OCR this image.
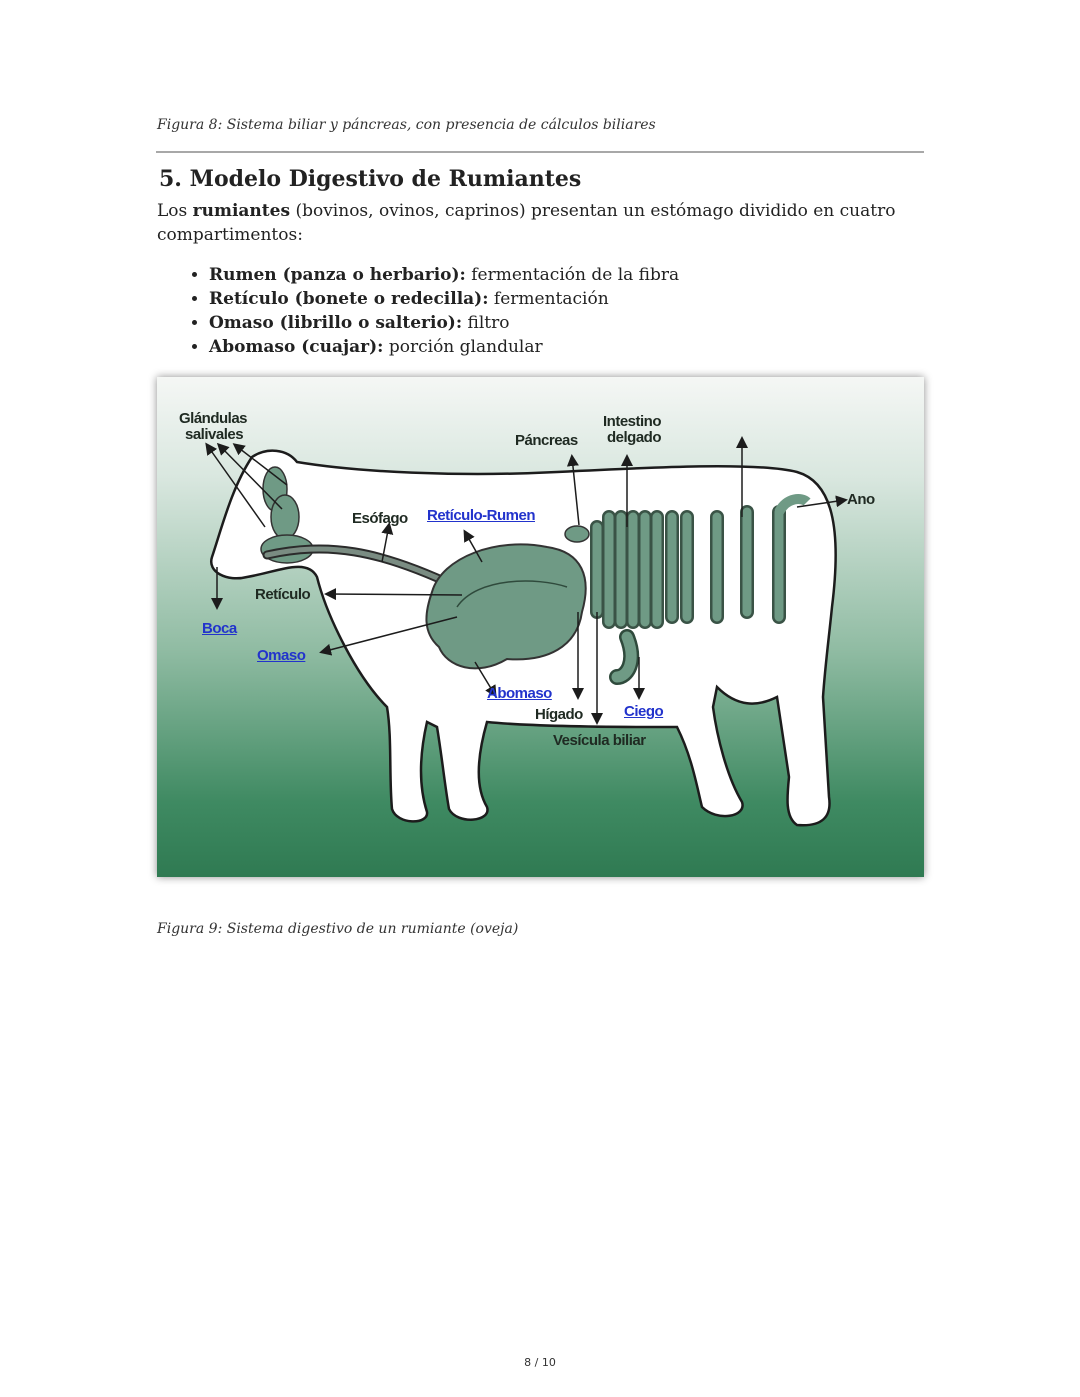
Figura 8: Sistema biliar y páncreas, con presencia de cálculos biliares
5. Modelo Digestivo de Rumiantes

Los rumiantes (bovinos, ovinos, caprinos) presentan un estómago dividido en cuatro compartimentos:

• Rumen (panza o herbario): fermentación de la fibra
• Retículo (bonete o redecilla): fermentación
• Omaso (librillo o salterio): filtro
• Abomaso (cuajar): porción glandular
Glándulas
salivales	Páncreas
Intestino
delgado
Ano
Esófago Retículo-Rumen
Retículo
Boca
Omaso
Abomaso
Hígado	Ciego
Vesícula biliar
Figura 9: Sistema digestivo de un rumiante (oveja)
8 / 10
